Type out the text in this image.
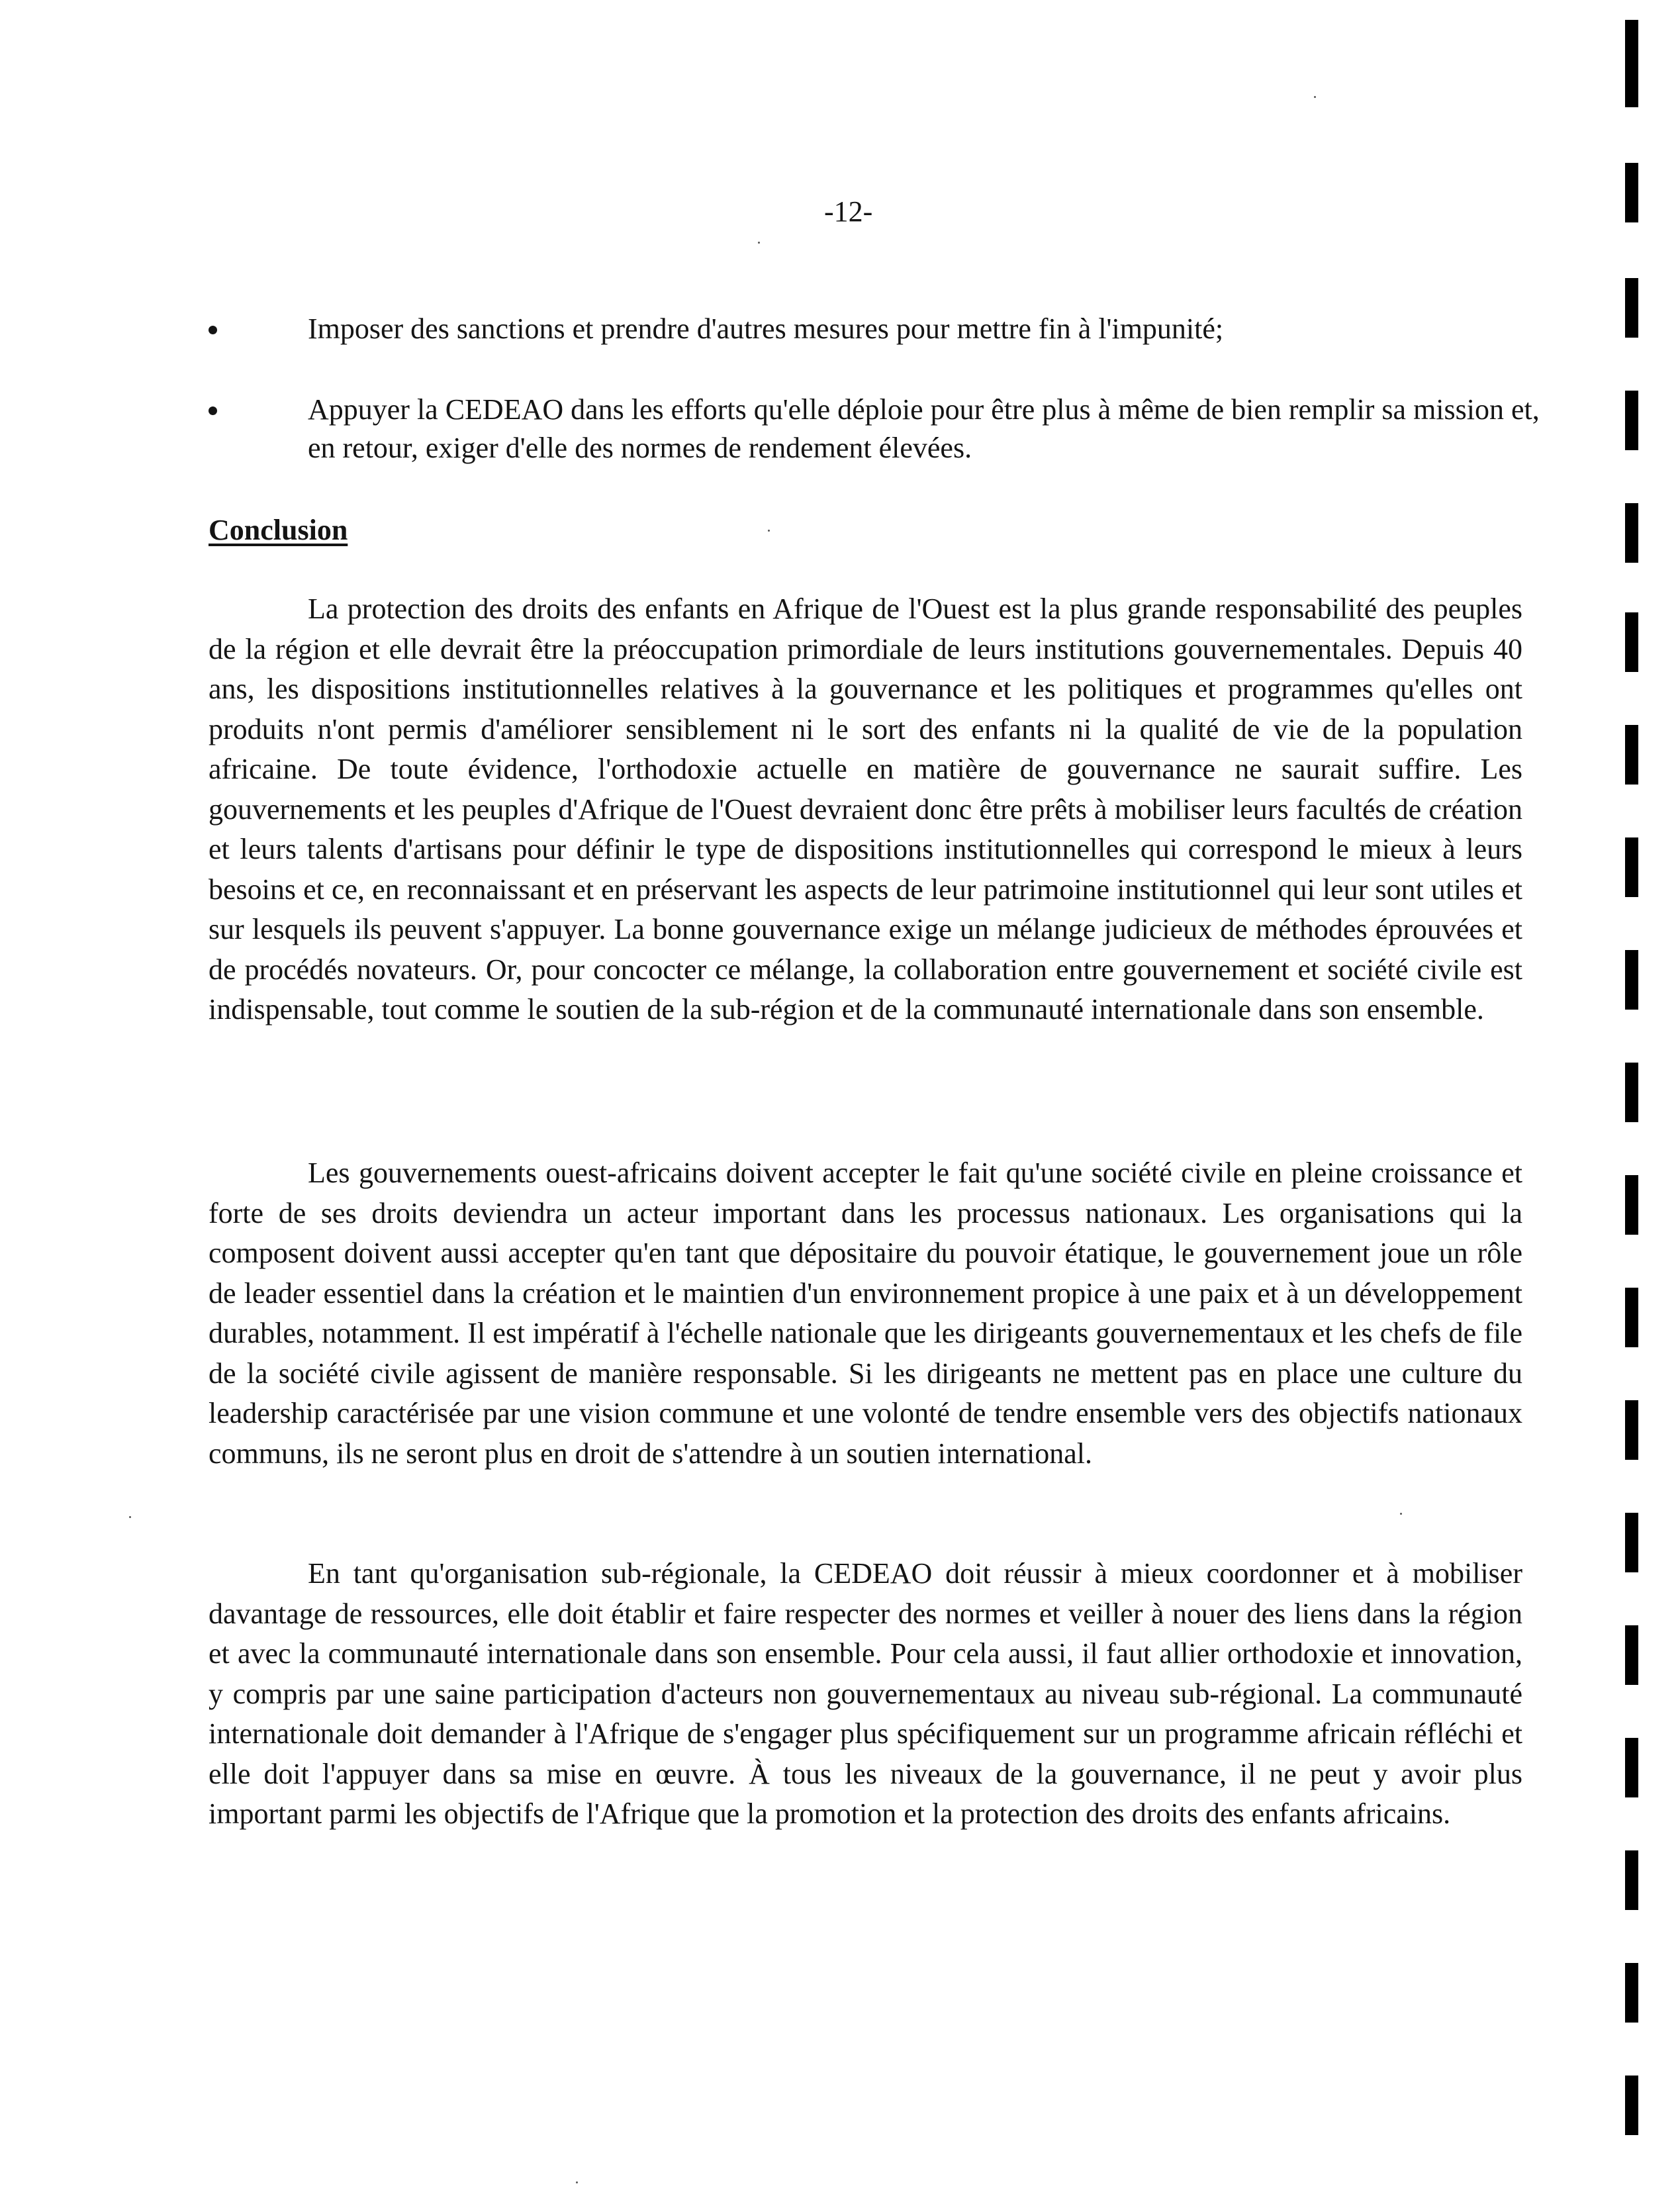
-12-

Imposer des sanctions et prendre d'autres mesures pour mettre fin à l'impunité;

Appuyer la CEDEAO dans les efforts qu'elle déploie pour être plus à même de bien remplir sa mission et, en retour, exiger d'elle des normes de rendement élevées.

Conclusion

La protection des droits des enfants en Afrique de l'Ouest est la plus grande responsabilité des peuples de la région et elle devrait être la préoccupation primordiale de leurs institutions gouvernementales. Depuis 40 ans, les dispositions institutionnelles relatives à la gouvernance et les politiques et programmes qu'elles ont produits n'ont permis d'améliorer sensiblement ni le sort des enfants ni la qualité de vie de la population africaine. De toute évidence, l'orthodoxie actuelle en matière de gouvernance ne saurait suffire. Les gouvernements et les peuples d'Afrique de l'Ouest devraient donc être prêts à mobiliser leurs facultés de création et leurs talents d'artisans pour définir le type de dispositions institutionnelles qui correspond le mieux à leurs besoins et ce, en reconnaissant et en préservant les aspects de leur patrimoine institutionnel qui leur sont utiles et sur lesquels ils peuvent s'appuyer. La bonne gouvernance exige un mélange judicieux de méthodes éprouvées et de procédés novateurs. Or, pour concocter ce mélange, la collaboration entre gouvernement et société civile est indispensable, tout comme le soutien de la sub-région et de la communauté internationale dans son ensemble.

Les gouvernements ouest-africains doivent accepter le fait qu'une société civile en pleine croissance et forte de ses droits deviendra un acteur important dans les processus nationaux. Les organisations qui la composent doivent aussi accepter qu'en tant que dépositaire du pouvoir étatique, le gouvernement joue un rôle de leader essentiel dans la création et le maintien d'un environnement propice à une paix et à un développement durables, notamment. Il est impératif à l'échelle nationale que les dirigeants gouvernementaux et les chefs de file de la société civile agissent de manière responsable. Si les dirigeants ne mettent pas en place une culture du leadership caractérisée par une vision commune et une volonté de tendre ensemble vers des objectifs nationaux communs, ils ne seront plus en droit de s'attendre à un soutien international.

En tant qu'organisation sub-régionale, la CEDEAO doit réussir à mieux coordonner et à mobiliser davantage de ressources, elle doit établir et faire respecter des normes et veiller à nouer des liens dans la région et avec la communauté internationale dans son ensemble. Pour cela aussi, il faut allier orthodoxie et innovation, y compris par une saine participation d'acteurs non gouvernementaux au niveau sub-régional. La communauté internationale doit demander à l'Afrique de s'engager plus spécifiquement sur un programme africain réfléchi et elle doit l'appuyer dans sa mise en œuvre. À tous les niveaux de la gouvernance, il ne peut y avoir plus important parmi les objectifs de l'Afrique que la promotion et la protection des droits des enfants africains.
